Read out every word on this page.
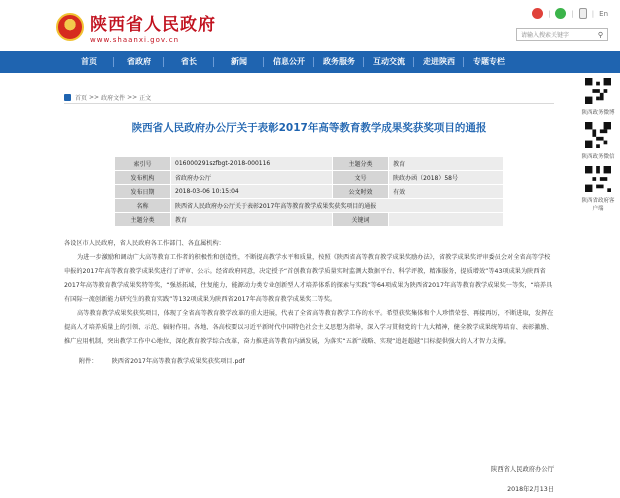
陕西省人民政府
www.shaanxi.gov.cn
|	|	| En
请输入搜索关键字	⚲
首页	省政府	省长	新闻	信息公开	政务服务	互动交流	走进陕西	专题专栏
首页 >> 政府文件 >> 正文
陕西省人民政府办公厅关于表彰2017年高等教育教学成果奖获奖项目的通报
索引号	016000291szfbgt-2018-000116	主题分类	教育
发布机构	省政府办公厅	文号	陕政办函（2018）58号
发布日期	2018-03-06 10:15:04	公文时效	有效
名称	陕西省人民政府办公厅关于表彰2017年高等教育教学成果奖获奖项目的通报		
主题分类	教育	关键词	

各设区市人民政府，省人民政府各工作部门、各直属机构：

为进一步激励和调动广大高等教育工作者的积极性和创造性，不断提高教学水平和质量，按照《陕西省高等教育教学成果奖励办法》，省教学成果奖评审委员会对全省高等学校申报的2017年高等教育教学成果奖进行了评审、公示。经省政府同意，决定授予“首创教育教学质量实时监测大数据平台、科学评教，精准服务，提质增效”等43项成果为陕西省2017年高等教育教学成果奖特等奖，“强基拓域，往复能力，能源动力类专业创新型人才培养体系的探索与实践”等64项成果为陕西省2017年高等教育教学成果奖一等奖，“培养具有国际一流创新能力研究生的教育实践”等132项成果为陕西省2017年高等教育教学成果奖二等奖。

高等教育教学成果奖获奖项目，体现了全省高等教育教学改革的重大进展，代表了全省高等教育教学工作的水平。希望获奖集体和个人珍惜荣誉、再接再厉，不断进取，发挥在提高人才培养质量上的引领、示范、辐射作用。各地、各高校要以习近平新时代中国特色社会主义思想为指导，深入学习贯彻党的十九大精神，健全教学成果统筹培育、表彰激励、推广应用机制，突出教学工作中心地位，深化教育教学综合改革，奋力推进高等教育内涵发展，为落实“五新”战略、实现“追赶超越”目标提供强大的人才智力支撑。

附件： 陕西省2017年高等教育教学成果奖获奖项目.pdf
陕西省人民政府办公厅
2018年2月13日
陕西政务微博
陕西政务微信
陕西省政府客户端
